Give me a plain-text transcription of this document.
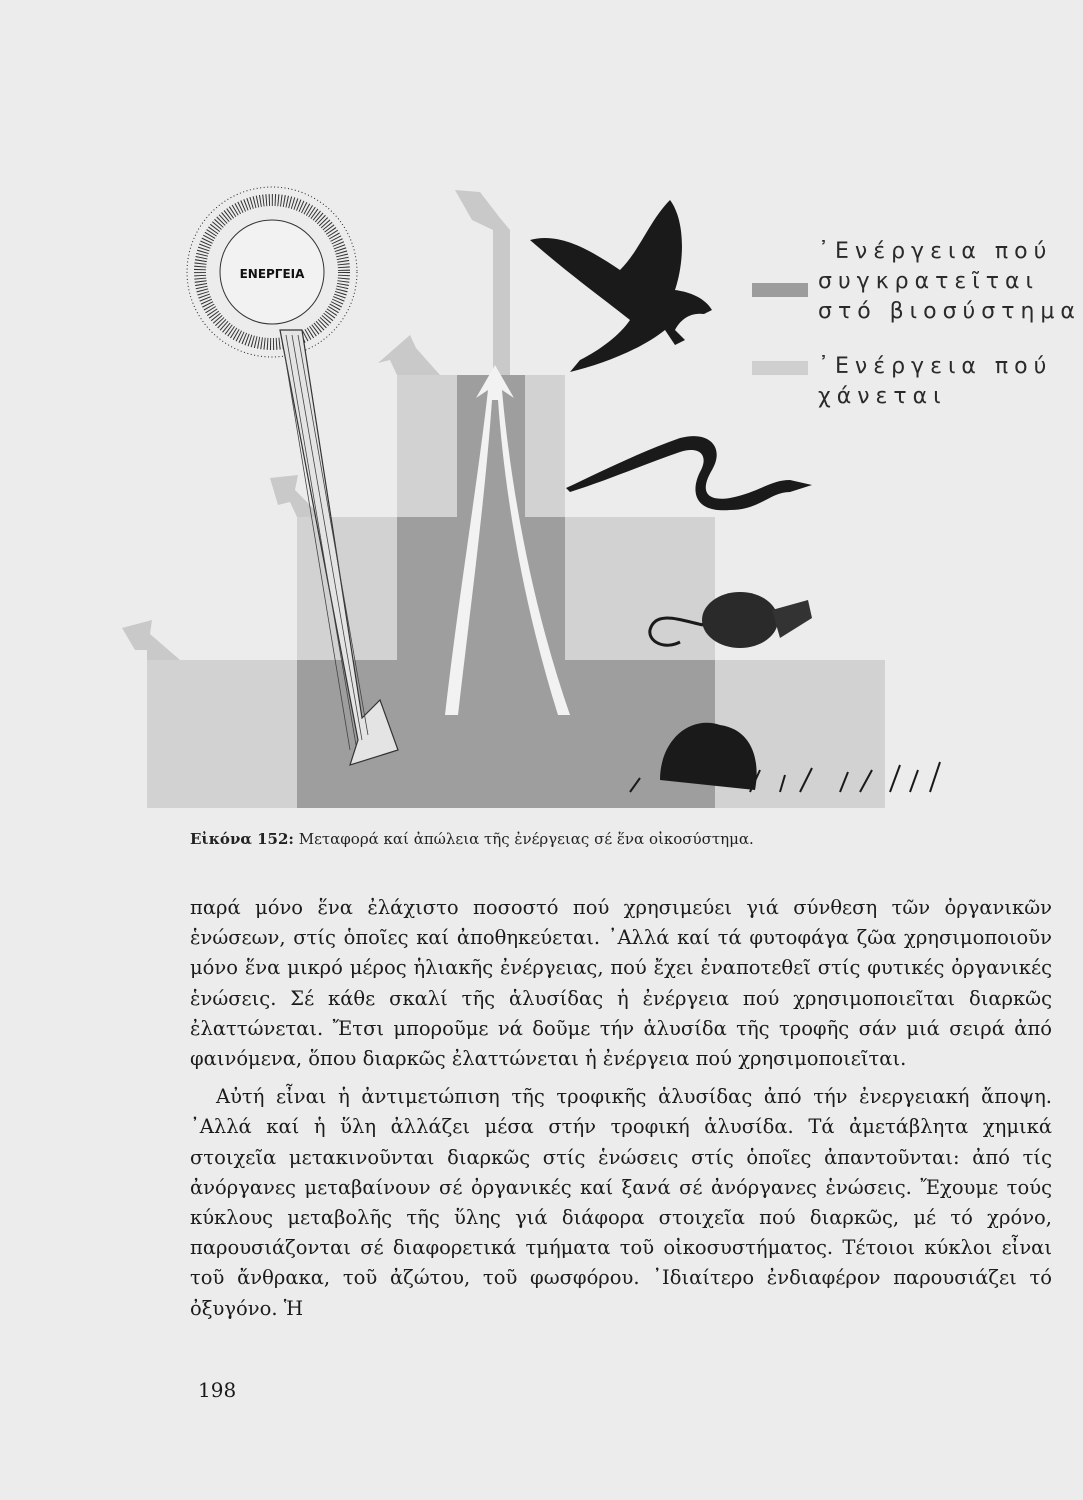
ΕΝΕΡΓΕΙΑ
᾿Ενέργεια πού
συγκρατεῖται
στό βιοσύστημα
᾿Ενέργεια πού
χάνεται
Εἰκόνα 152: Μεταφορά καί ἀπώλεια τῆς ἐνέργειας σέ ἕνα οἰκοσύστημα.

παρά μόνο ἕνα ἐλάχιστο ποσοστό πού χρησιμεύει γιά σύνθεση τῶν ὀργανικῶν ἑνώσεων, στίς ὁποῖες καί ἀποθηκεύεται. ᾿Αλλά καί τά φυτοφάγα ζῶα χρησιμοποιοῦν μόνο ἕνα μικρό μέρος ἡλιακῆς ἐνέργειας, πού ἔχει ἐναποτεθεῖ στίς φυτικές ὀργανικές ἑνώσεις. Σέ κάθε σκαλί τῆς ἁλυσίδας ἡ ἐνέργεια πού χρησιμοποιεῖται διαρκῶς ἐλαττώνεται. Ἔτσι μποροῦμε νά δοῦμε τήν ἁλυσίδα τῆς τροφῆς σάν μιά σειρά ἀπό φαινόμενα, ὅπου διαρκῶς ἐλαττώνεται ἡ ἐνέργεια πού χρησιμοποιεῖται.

Αὐτή εἶναι ἡ ἀντιμετώπιση τῆς τροφικῆς ἁλυσίδας ἀπό τήν ἐνεργειακή ἄποψη. ᾿Αλλά καί ἡ ὕλη ἀλλάζει μέσα στήν τροφική ἁλυσίδα. Τά ἀμετάβλητα χημικά στοιχεῖα μετακινοῦνται διαρκῶς στίς ἑνώσεις στίς ὁποῖες ἀπαντοῦνται: ἀπό τίς ἀνόργανες μεταβαίνουν σέ ὀργανικές καί ξανά σέ ἀνόργανες ἑνώσεις. Ἔχουμε τούς κύκλους μεταβολῆς τῆς ὕλης γιά διάφορα στοιχεῖα πού διαρκῶς, μέ τό χρόνο, παρουσιάζονται σέ διαφορετικά τμήματα τοῦ οἰκοσυστήματος. Τέτοιοι κύκλοι εἶναι τοῦ ἄνθρακα, τοῦ ἀζώτου, τοῦ φωσφόρου. ᾿Ιδιαίτερο ἐνδιαφέρον παρουσιάζει τό ὀξυγόνο. Ἡ

198
